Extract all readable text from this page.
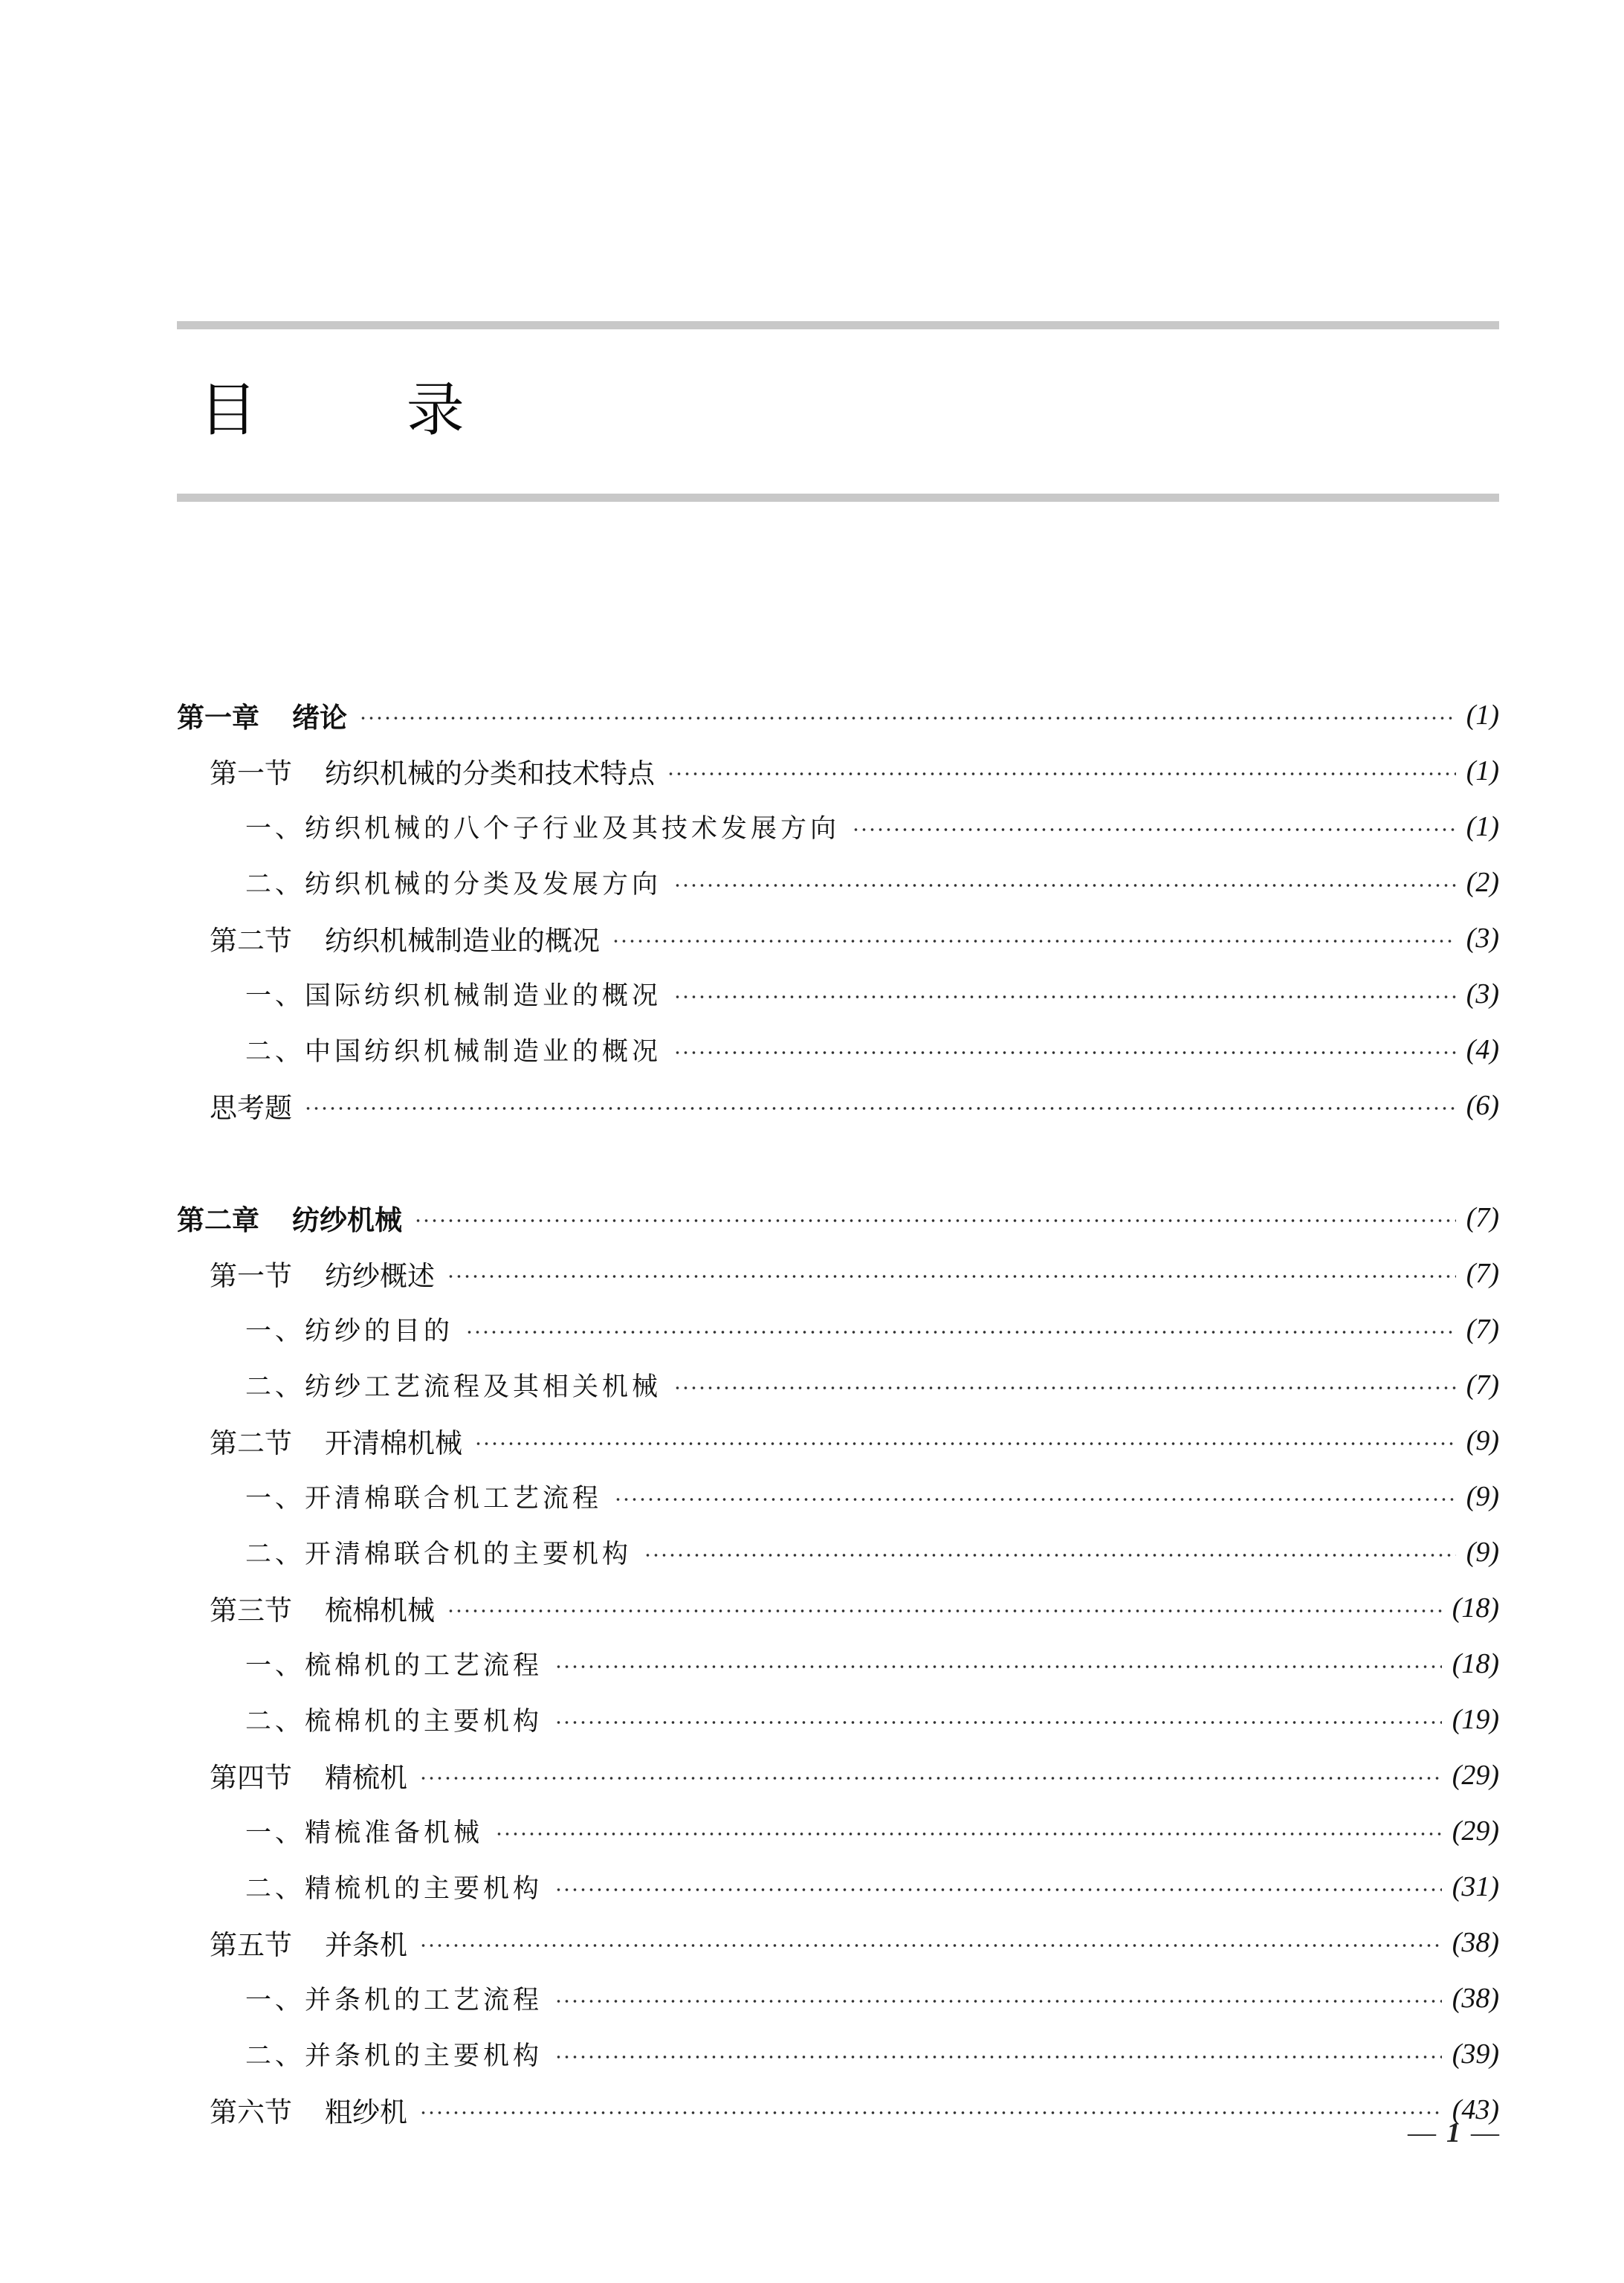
目 录
第一章 绪论	(1)
第一节 纺织机械的分类和技术特点	(1)
一、纺织机械的八个子行业及其技术发展方向	(1)
二、纺织机械的分类及发展方向	(2)
第二节 纺织机械制造业的概况	(3)
一、国际纺织机械制造业的概况	(3)
二、中国纺织机械制造业的概况	(4)
思考题	(6)
第二章 纺纱机械	(7)
第一节 纺纱概述	(7)
一、纺纱的目的	(7)
二、纺纱工艺流程及其相关机械	(7)
第二节 开清棉机械	(9)
一、开清棉联合机工艺流程	(9)
二、开清棉联合机的主要机构	(9)
第三节 梳棉机械	(18)
一、梳棉机的工艺流程	(18)
二、梳棉机的主要机构	(19)
第四节 精梳机	(29)
一、精梳准备机械	(29)
二、精梳机的主要机构	(31)
第五节 并条机	(38)
一、并条机的工艺流程	(38)
二、并条机的主要机构	(39)
第六节 粗纱机	(43)
— 1 —
